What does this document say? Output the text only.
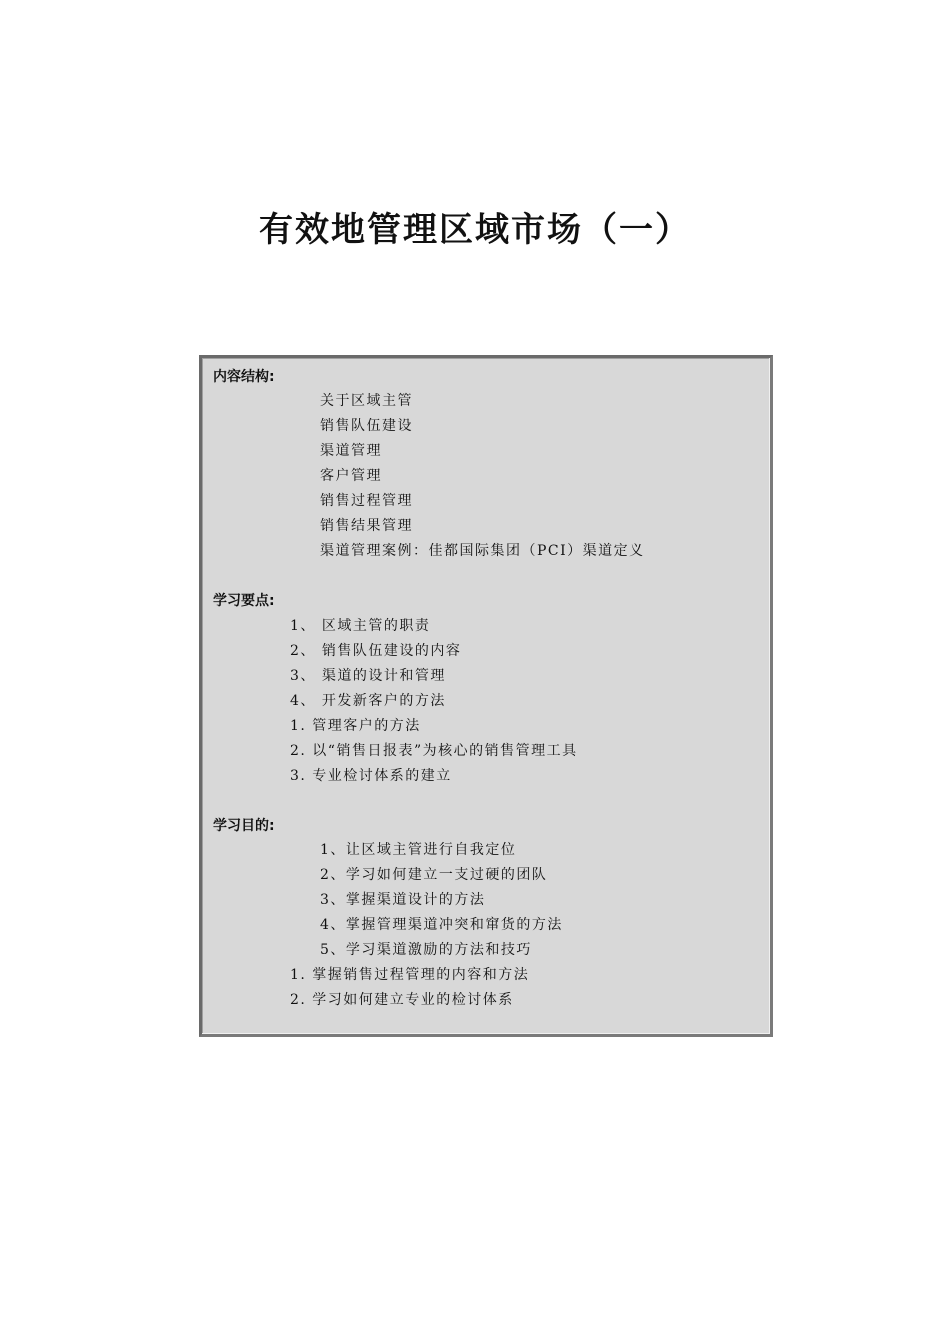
有效地管理区域市场（一）

内容结构:

关于区域主管
销售队伍建设
渠道管理
客户管理
销售过程管理
销售结果管理
渠道管理案例：佳都国际集团（PCI）渠道定义

学习要点:

1、 区域主管的职责
2、 销售队伍建设的内容
3、 渠道的设计和管理
4、 开发新客户的方法
1. 管理客户的方法
2. 以“销售日报表”为核心的销售管理工具
3. 专业检讨体系的建立

学习目的:

1、让区域主管进行自我定位
2、学习如何建立一支过硬的团队
3、掌握渠道设计的方法
4、掌握管理渠道冲突和窜货的方法
5、学习渠道激励的方法和技巧
1. 掌握销售过程管理的内容和方法
2. 学习如何建立专业的检讨体系
